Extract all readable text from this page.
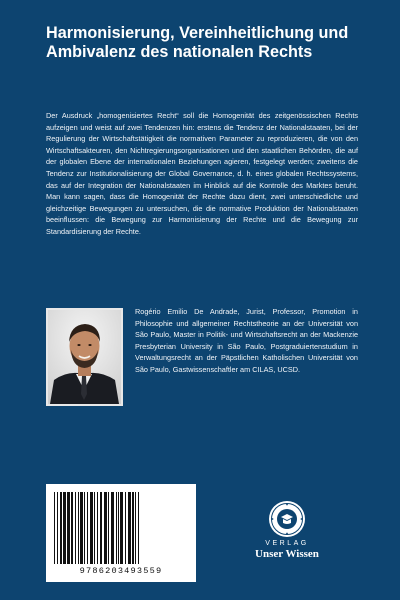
Harmonisierung, Vereinheitlichung und Ambivalenz des nationalen Rechts

Der Ausdruck „homogenisiertes Recht“ soll die Homogenität des zeitgenössischen Rechts aufzeigen und weist auf zwei Tendenzen hin: erstens die Tendenz der Nationalstaaten, bei der Regulierung der Wirtschaftstätigkeit die normativen Parameter zu reproduzieren, die von den Wirtschaftsakteuren, den Nichtregierungsorganisationen und den staatlichen Behörden, die auf der globalen Ebene der internationalen Beziehungen agieren, festgelegt werden; zweitens die Tendenz zur Institutionalisierung der Global Governance, d. h. eines globalen Rechtssystems, das auf der Integration der Nationalstaaten im Hinblick auf die Kontrolle des Marktes beruht. Man kann sagen, dass die Homogenität der Rechte dazu dient, zwei unterschiedliche und gleichzeitige Bewegungen zu untersuchen, die die normative Produktion der Nationalstaaten beeinflussen: die Bewegung zur Harmonisierung der Rechte und die Bewegung zur Standardisierung der Rechte.

Rogério Emilio De Andrade, Jurist, Professor, Promotion in Philosophie und allgemeiner Rechtstheorie an der Universität von São Paulo, Master in Politik- und Wirtschaftsrecht an der Mackenzie Presbyterian University in São Paulo, Postgraduiertenstudium in Verwaltungsrecht an der Päpstlichen Katholischen Universität von São Paulo, Gastwissenschaftler am CILAS, UCSD.

9786203493559
VERLAG
Unser Wissen
